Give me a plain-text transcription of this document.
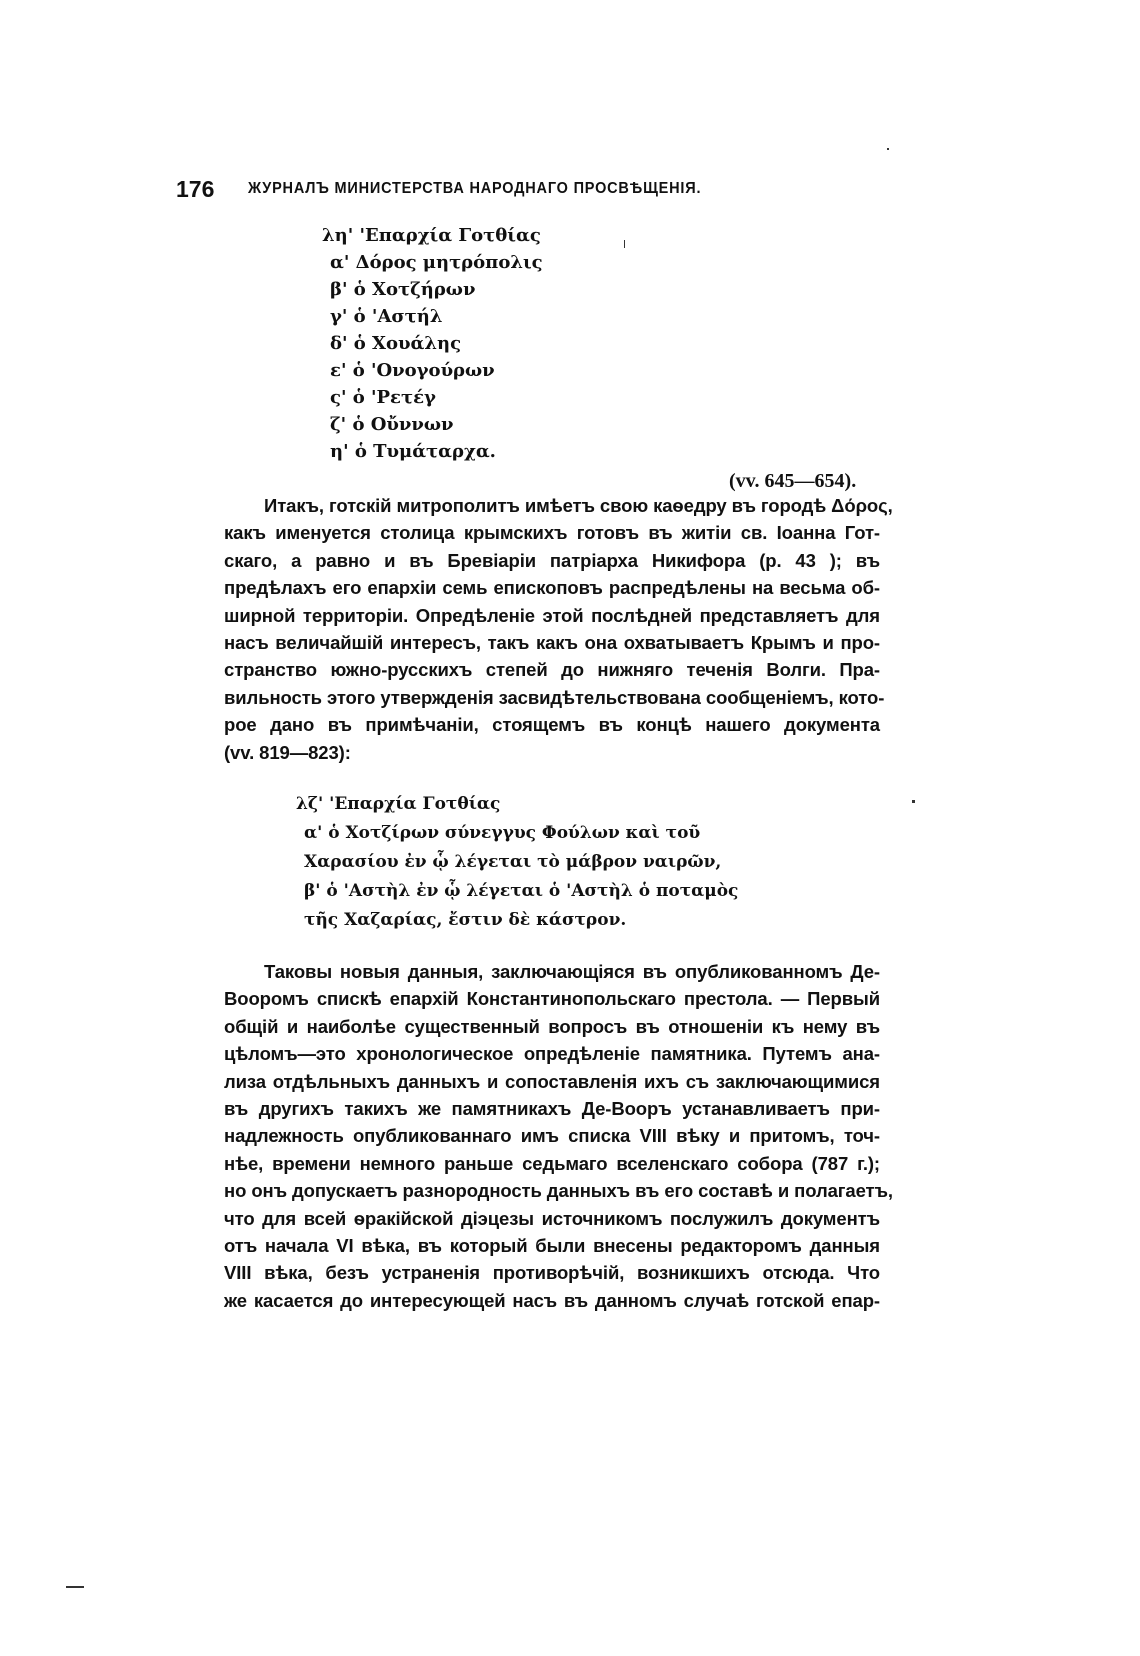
176 ЖУРНАЛЪ МИНИСТЕРСТВА НАРОДНАГО ПРОСВѢЩЕНІЯ.
λη' 'Επαρχία Γοτθίας
α' Δόρος μητρόπολις
β' ὁ Χοτζήρων
γ' ὁ 'Αστήλ
δ' ὁ Χουάλης
ε' ὁ 'Ονογούρων
ς' ὁ 'Ρετέγ
ζ' ὁ Οὔννων
η' ὁ Τυμάταρχα.
(vv. 645—654).
Итакъ, готскій митрополитъ имѣетъ свою каѳедру въ городѣ Δόρος,
какъ именуется столица крымскихъ готовъ въ житіи св. Іоанна Гот-
скаго, а равно и въ Бревіаріи патріарха Никифора (p. 43 ); въ
предѣлахъ его епархіи семь епископовъ распредѣлены на весьма об-
ширной территоріи. Опредѣленіе этой послѣдней представляетъ для
насъ величайшій интересъ, такъ какъ она охватываетъ Крымъ и про-
странство южно-русскихъ степей до нижняго теченія Волги. Пра-
вильность этого утвержденія засвидѣтельствована сообщеніемъ, кото-
рое дано въ примѣчаніи, стоящемъ въ концѣ нашего документа
(vv. 819—823):
λζ' 'Επαρχία Γοτθίας
α' ὁ Χοτζίρων σύνεγγυς Φούλων καὶ τοῦ
Χαρασίου ἐν ᾧ λέγεται τὸ μάβρον ναιρῶν,
β' ὁ 'Αστὴλ ἐν ᾧ λέγεται ὁ 'Αστὴλ ὁ ποταμὸς
τῆς Χαζαρίας, ἔστιν δὲ κάστρον.
Таковы новыя данныя, заключающіяся въ опубликованномъ Де-
Booромъ спискѣ епархій Константинопольскаго престола. — Первый
общій и наиболѣе существенный вопросъ въ отношеніи къ нему въ
цѣломъ—это хронологическое опредѣленіе памятника. Путемъ ана-
лиза отдѣльныхъ данныхъ и сопоставленія ихъ съ заключающимися
въ другихъ такихъ же памятникахъ Де-Booръ устанавливаетъ при-
надлежность опубликованнаго имъ списка VIII вѣку и притомъ, точ-
нѣе, времени немного раньше седьмаго вселенскаго собора (787 г.);
но онъ допускаетъ разнородность данныхъ въ его составѣ и полагаетъ,
что для всей ѳракійской діэцезы источникомъ послужилъ документъ
отъ начала VI вѣка, въ который были внесены редакторомъ данныя
VIII вѣка, безъ устраненія противорѣчій, возникшихъ отсюда. Что
же касается до интересующей насъ въ данномъ случаѣ готской епар-
